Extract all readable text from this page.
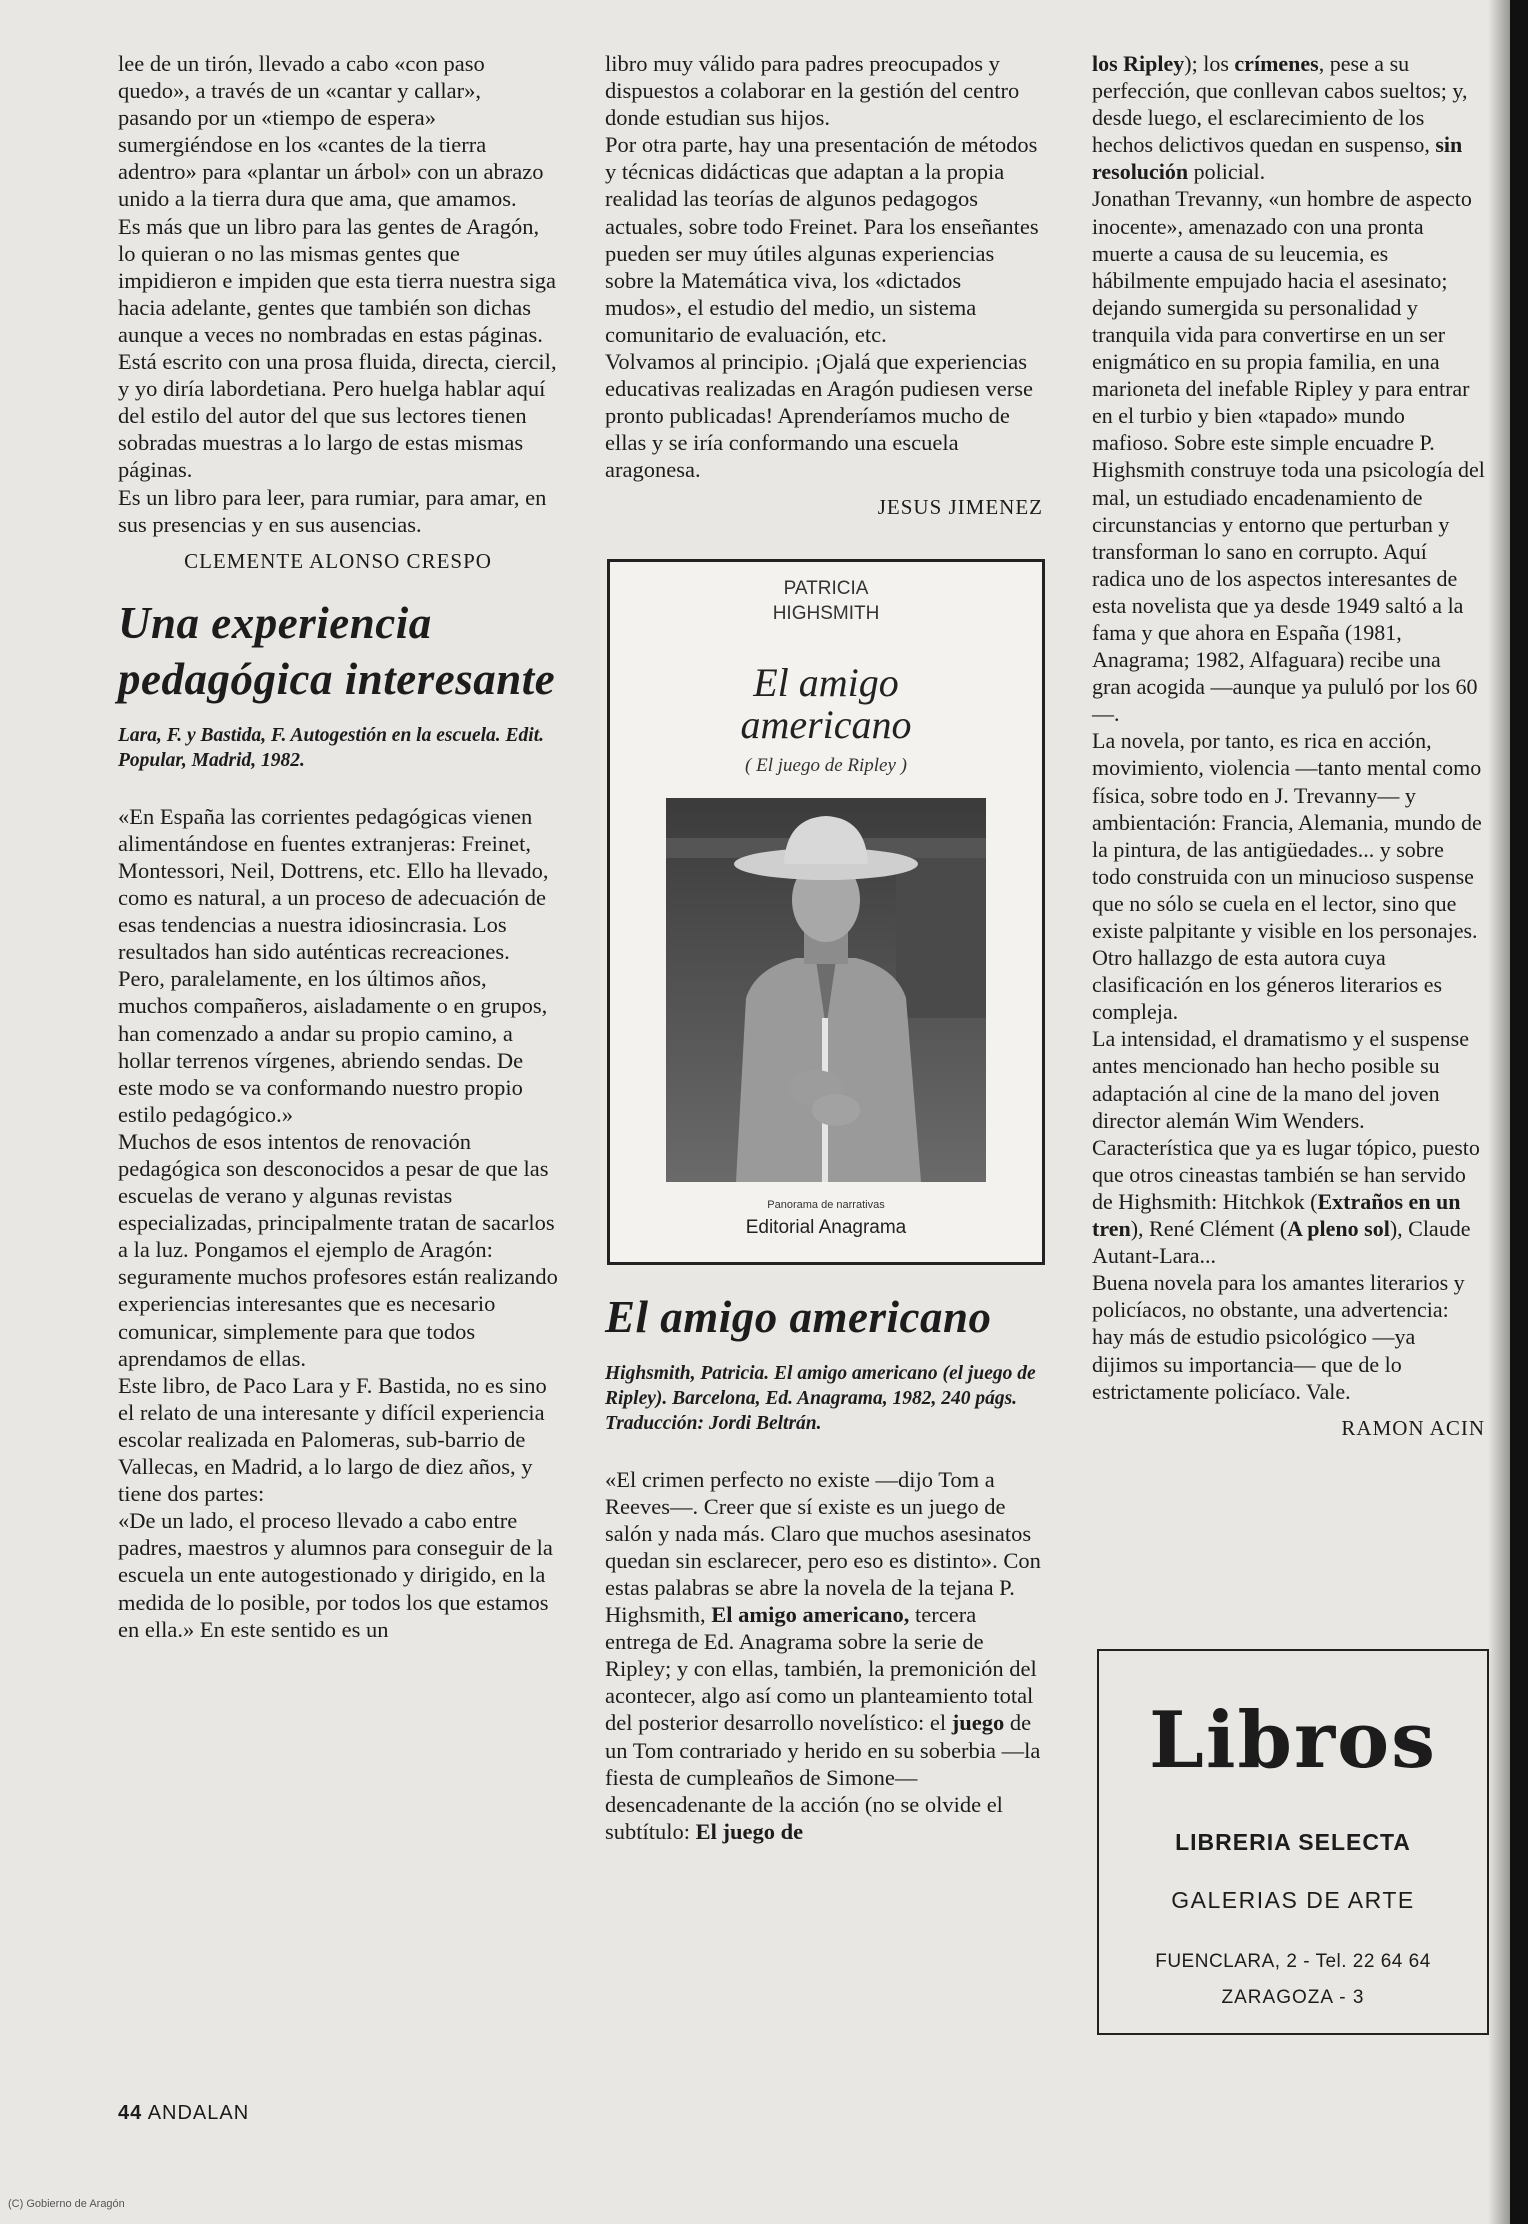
lee de un tirón, llevado a cabo «con paso quedo», a través de un «cantar y callar», pasando por un «tiempo de espera» sumergiéndose en los «cantes de la tierra adentro» para «plantar un árbol» con un abrazo unido a la tierra dura que ama, que amamos.

Es más que un libro para las gentes de Aragón, lo quieran o no las mismas gentes que impidieron e impiden que esta tierra nuestra siga hacia adelante, gentes que también son dichas aunque a veces no nombradas en estas páginas.

Está escrito con una prosa fluida, directa, ciercil, y yo diría labordetiana. Pero huelga hablar aquí del estilo del autor del que sus lectores tienen sobradas muestras a lo largo de estas mismas páginas.

Es un libro para leer, para rumiar, para amar, en sus presencias y en sus ausencias.

CLEMENTE ALONSO CRESPO

Una experiencia pedagógica interesante

Lara, F. y Bastida, F. Autogestión en la escuela. Edit. Popular, Madrid, 1982.

«En España las corrientes pedagógicas vienen alimentándose en fuentes extranjeras: Freinet, Montessori, Neil, Dottrens, etc. Ello ha llevado, como es natural, a un proceso de adecuación de esas tendencias a nuestra idiosincrasia. Los resultados han sido auténticas recreaciones. Pero, paralelamente, en los últimos años, muchos compañeros, aisladamente o en grupos, han comenzado a andar su propio camino, a hollar terrenos vírgenes, abriendo sendas. De este modo se va conformando nuestro propio estilo pedagógico.»

Muchos de esos intentos de renovación pedagógica son desconocidos a pesar de que las escuelas de verano y algunas revistas especializadas, principalmente tratan de sacarlos a la luz. Pongamos el ejemplo de Aragón: seguramente muchos profesores están realizando experiencias interesantes que es necesario comunicar, simplemente para que todos aprendamos de ellas.

Este libro, de Paco Lara y F. Bastida, no es sino el relato de una interesante y difícil experiencia escolar realizada en Palomeras, sub-barrio de Vallecas, en Madrid, a lo largo de diez años, y tiene dos partes:

«De un lado, el proceso llevado a cabo entre padres, maestros y alumnos para conseguir de la escuela un ente autogestionado y dirigido, en la medida de lo posible, por todos los que estamos en ella.» En este sentido es un

libro muy válido para padres preocupados y dispuestos a colaborar en la gestión del centro donde estudian sus hijos.

Por otra parte, hay una presentación de métodos y técnicas didácticas que adaptan a la propia realidad las teorías de algunos pedagogos actuales, sobre todo Freinet. Para los enseñantes pueden ser muy útiles algunas experiencias sobre la Matemática viva, los «dictados mudos», el estudio del medio, un sistema comunitario de evaluación, etc.

Volvamos al principio. ¡Ojalá que experiencias educativas realizadas en Aragón pudiesen verse pronto publicadas! Aprenderíamos mucho de ellas y se iría conformando una escuela aragonesa.

JESUS JIMENEZ

PATRICIA
HIGHSMITH
El amigo
americano
( El juego de Ripley )
Panorama de narrativas
Editorial Anagrama

El amigo americano

Highsmith, Patricia. El amigo americano (el juego de Ripley). Barcelona, Ed. Anagrama, 1982, 240 págs. Traducción: Jordi Beltrán.

«El crimen perfecto no existe —dijo Tom a Reeves—. Creer que sí existe es un juego de salón y nada más. Claro que muchos asesinatos quedan sin esclarecer, pero eso es distinto». Con estas palabras se abre la novela de la tejana P. Highsmith, El amigo americano, tercera entrega de Ed. Anagrama sobre la serie de Ripley; y con ellas, también, la premonición del acontecer, algo así como un planteamiento total del posterior desarrollo novelístico: el juego de un Tom contrariado y herido en su soberbia —la fiesta de cumpleaños de Simone— desencadenante de la acción (no se olvide el subtítulo: El juego de

los Ripley); los crímenes, pese a su perfección, que conllevan cabos sueltos; y, desde luego, el esclarecimiento de los hechos delictivos quedan en suspenso, sin resolución policial.

Jonathan Trevanny, «un hombre de aspecto inocente», amenazado con una pronta muerte a causa de su leucemia, es hábilmente empujado hacia el asesinato; dejando sumergida su personalidad y tranquila vida para convertirse en un ser enigmático en su propia familia, en una marioneta del inefable Ripley y para entrar en el turbio y bien «tapado» mundo mafioso. Sobre este simple encuadre P. Highsmith construye toda una psicología del mal, un estudiado encadenamiento de circunstancias y entorno que perturban y transforman lo sano en corrupto. Aquí radica uno de los aspectos interesantes de esta novelista que ya desde 1949 saltó a la fama y que ahora en España (1981, Anagrama; 1982, Alfaguara) recibe una gran acogida —aunque ya pululó por los 60—.

La novela, por tanto, es rica en acción, movimiento, violencia —tanto mental como física, sobre todo en J. Trevanny— y ambientación: Francia, Alemania, mundo de la pintura, de las antigüedades... y sobre todo construida con un minucioso suspense que no sólo se cuela en el lector, sino que existe palpitante y visible en los personajes. Otro hallazgo de esta autora cuya clasificación en los géneros literarios es compleja.

La intensidad, el dramatismo y el suspense antes mencionado han hecho posible su adaptación al cine de la mano del joven director alemán Wim Wenders. Característica que ya es lugar tópico, puesto que otros cineastas también se han servido de Highsmith: Hitchkok (Extraños en un tren), René Clément (A pleno sol), Claude Autant-Lara...

Buena novela para los amantes literarios y policíacos, no obstante, una advertencia: hay más de estudio psicológico —ya dijimos su importancia— que de lo estrictamente policíaco. Vale.

RAMON ACIN

Libros
LIBRERIA SELECTA
GALERIAS DE ARTE
FUENCLARA, 2 - Tel. 22 64 64
ZARAGOZA - 3
44 ANDALAN
(C) Gobierno de Aragón
